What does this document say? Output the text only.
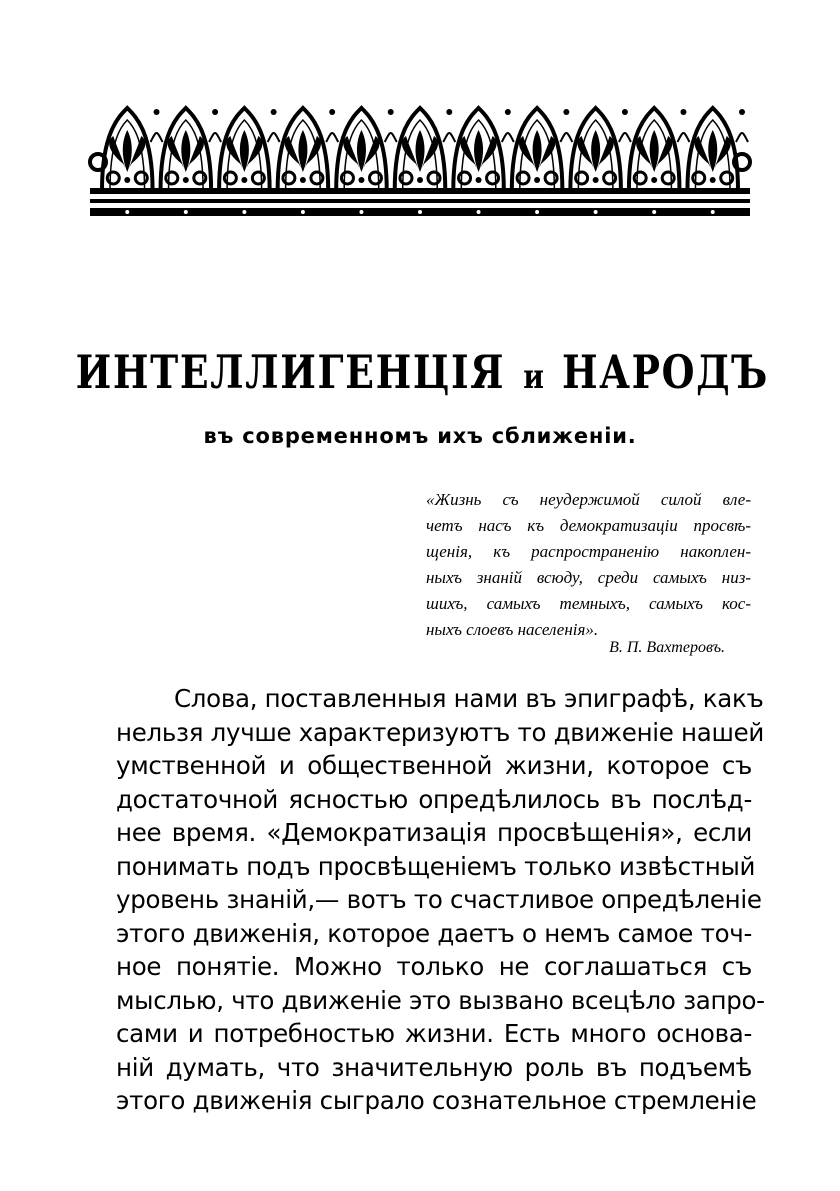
ИНТЕЛЛИГЕНЦІЯ и НАРОДЪ
въ современномъ ихъ сближеніи.
«Жизнь съ неудержимой силой вле-
четъ насъ къ демократизаціи просвѣ-
щенія, къ распространенію накоплен-
ныхъ знаній всюду, среди самыхъ низ-
шихъ, самыхъ темныхъ, самыхъ кос-
ныхъ слоевъ населенія».
В. П. Вахтеровъ.
Слова, поставленныя нами въ эпиграфѣ, какъ
нельзя лучше характеризуютъ то движеніе нашей
умственной и общественной жизни, которое съ
достаточной ясностью опредѣлилось въ послѣд-
нее время. «Демократизація просвѣщенія», если
понимать подъ просвѣщеніемъ только извѣстный
уровень знаній,— вотъ то счастливое опредѣленіе
этого движенія, которое даетъ о немъ самое точ-
ное понятіе. Можно только не соглашаться съ
мыслью, что движеніе это вызвано всецѣло запро-
сами и потребностью жизни. Есть много основа-
ній думать, что значительную роль въ подъемѣ
этого движенія сыграло сознательное стремленіе
